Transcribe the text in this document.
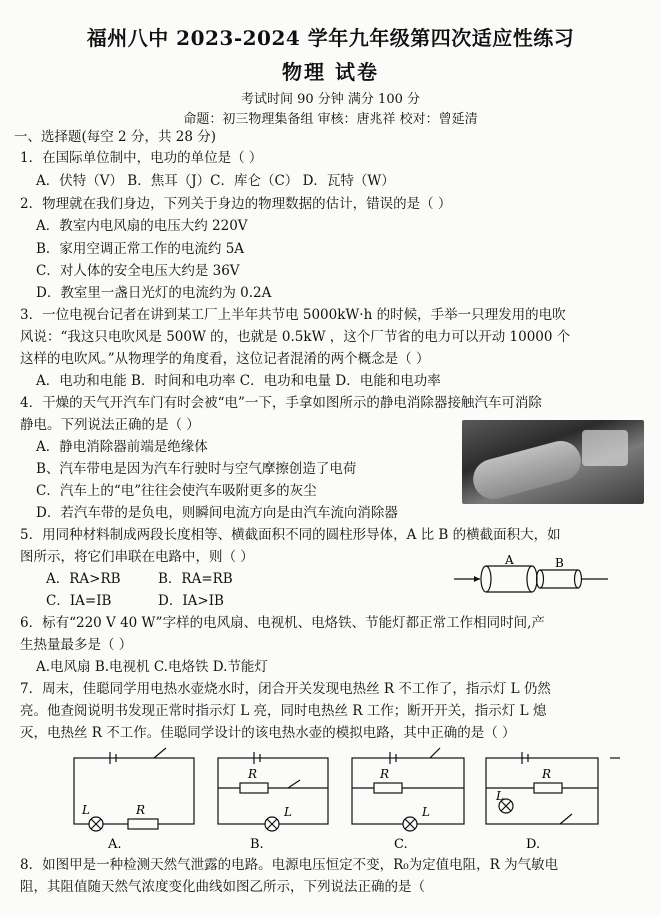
福州八中 2023-2024 学年九年级第四次适应性练习
物理 试卷
考试时间 90 分钟 满分 100 分
命题：初三物理集备组 审核：唐兆祥 校对：曾延清
一、选择题(每空 2 分，共 28 分)
1．在国际单位制中，电功的单位是（ ）
A．伏特（V） B．焦耳（J）C．库仑（C） D．瓦特（W）
2．物理就在我们身边，下列关于身边的物理数据的估计，错误的是（ ）
A．教室内电风扇的电压大约 220V
B．家用空调正常工作的电流约 5A
C．对人体的安全电压大约是 36V
D．教室里一盏日光灯的电流约为 0.2A
3．一位电视台记者在讲到某工厂上半年共节电 5000kW·h 的时候，手举一只理发用的电吹
风说：“我这只电吹风是 500W 的，也就是 0.5kW ，这个厂节省的电力可以开动 10000 个
这样的电吹风。”从物理学的角度看，这位记者混淆的两个概念是（ ）
A．电功和电能 B．时间和电功率 C．电功和电量 D．电能和电功率
4．干燥的天气开汽车门有时会被“电”一下，手拿如图所示的静电消除器接触汽车可消除
静电。下列说法正确的是（ ）
A．静电消除器前端是绝缘体
B、汽车带电是因为汽车行驶时与空气摩擦创造了电荷
C．汽车上的“电”往往会使汽车吸附更多的灰尘
D．若汽车带的是负电，则瞬间电流方向是由汽车流向消除器
5．用同种材料制成两段长度相等、横截面积不同的圆柱形导体，A 比 B 的横截面积大，如
图所示，将它们串联在电路中，则（ ）
A．RA>RB	B．RA=RB
C．IA=IB	D．IA>IB
A	B
6．标有“220 V 40 W”字样的电风扇、电视机、电烙铁、节能灯都正常工作相同时间,产
生热量最多是（ ）
A.电风扇 B.电视机 C.电烙铁 D.节能灯
7．周末，佳聪同学用电热水壶烧水时，闭合开关发现电热丝 R 不工作了，指示灯 L 仍然
亮。他查阅说明书发现正常时指示灯 L 亮，同时电热丝 R 工作；断开开关，指示灯 L 熄
灭，电热丝 R 不工作。佳聪同学设计的该电热水壶的模拟电路，其中正确的是（ ）
R
L
R
L
R
L
R
L
A.	B.	C.	D.
8．如图甲是一种检测天然气泄露的电路。电源电压恒定不变，R₀为定值电阻，R 为气敏电
阻，其阻值随天然气浓度变化曲线如图乙所示，下列说法正确的是（
